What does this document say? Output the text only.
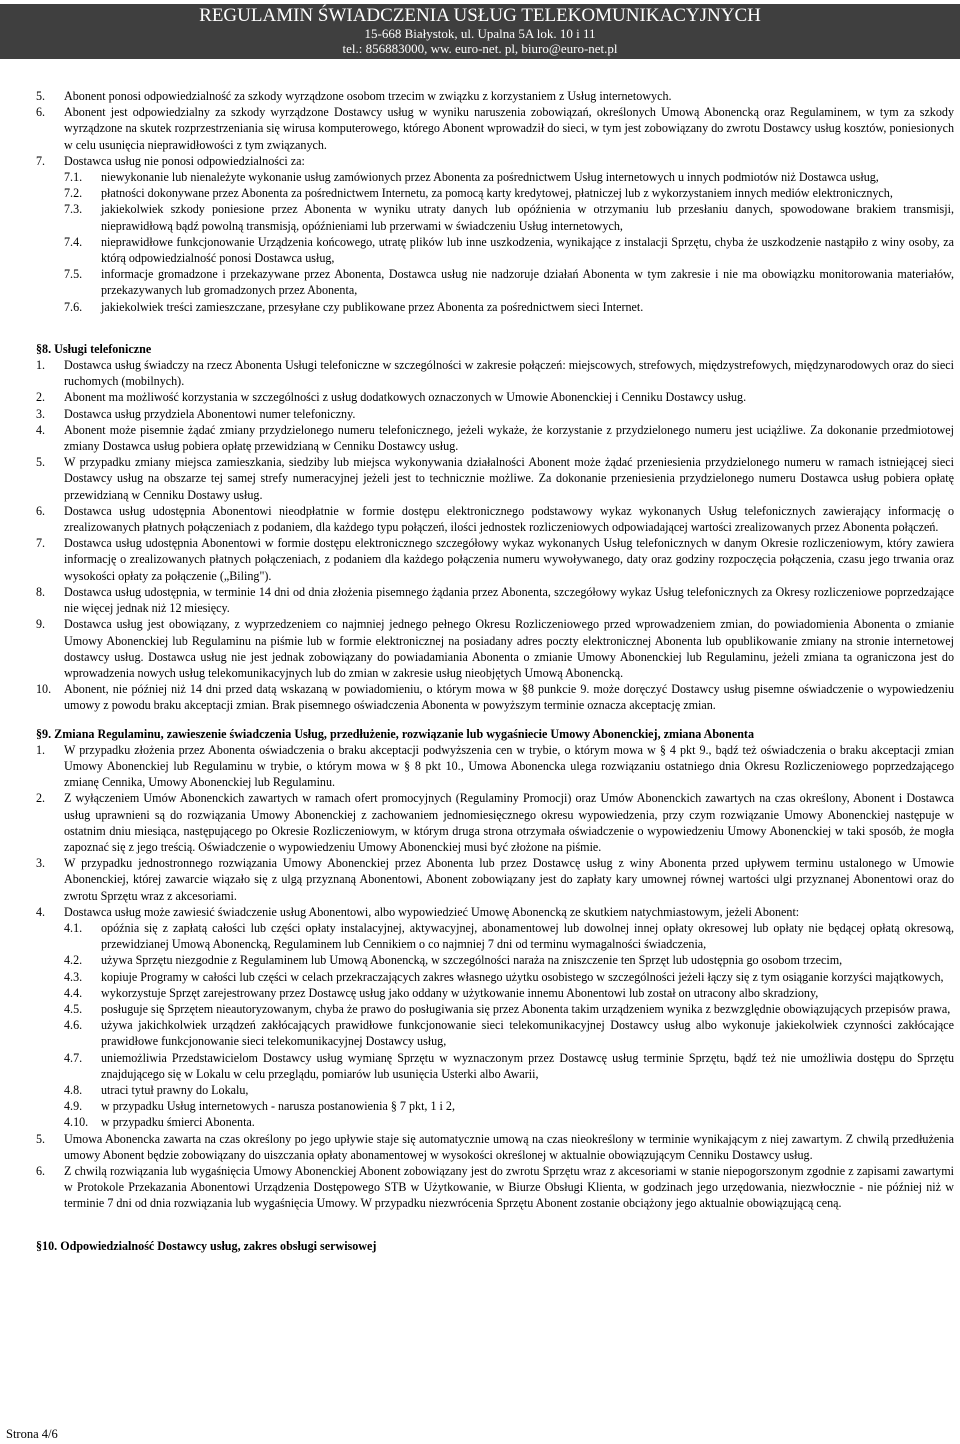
REGULAMIN ŚWIADCZENIA USŁUG TELEKOMUNIKACYJNYCH
15-668 Białystok, ul. Upalna 5A lok. 10 i 11
tel.: 856883000, ww. euro-net. pl, biuro@euro-net.pl
5. Abonent ponosi odpowiedzialność za szkody wyrządzone osobom trzecim w związku z korzystaniem z Usług internetowych.
6. Abonent jest odpowiedzialny za szkody wyrządzone Dostawcy usług w wyniku naruszenia zobowiązań, określonych Umową Abonencką oraz Regulaminem, w tym za szkody wyrządzone na skutek rozprzestrzeniania się wirusa komputerowego, którego Abonent wprowadził do sieci, w tym jest zobowiązany do zwrotu Dostawcy usług kosztów, poniesionych w celu usunięcia nieprawidłowości z tym związanych.
7. Dostawca usług nie ponosi odpowiedzialności za:
7.1. niewykonanie lub nienależyte wykonanie usług zamówionych przez Abonenta za pośrednictwem Usług internetowych u innych podmiotów niż Dostawca usług,
7.2. płatności dokonywane przez Abonenta za pośrednictwem Internetu, za pomocą karty kredytowej, płatniczej lub z wykorzystaniem innych mediów elektronicznych,
7.3. jakiekolwiek szkody poniesione przez Abonenta w wyniku utraty danych lub opóźnienia w otrzymaniu lub przesłaniu danych, spowodowane brakiem transmisji, nieprawidłową bądź powolną transmisją, opóźnieniami lub przerwami w świadczeniu Usług internetowych,
7.4. nieprawidłowe funkcjonowanie Urządzenia końcowego, utratę plików lub inne uszkodzenia, wynikające z instalacji Sprzętu, chyba że uszkodzenie nastąpiło z winy osoby, za którą odpowiedzialność ponosi Dostawca usług,
7.5. informacje gromadzone i przekazywane przez Abonenta, Dostawca usług nie nadzoruje działań Abonenta w tym zakresie i nie ma obowiązku monitorowania materiałów, przekazywanych lub gromadzonych przez Abonenta,
7.6. jakiekolwiek treści zamieszczane, przesyłane czy publikowane przez Abonenta za pośrednictwem sieci Internet.
§8. Usługi telefoniczne
1. Dostawca usług świadczy na rzecz Abonenta Usługi telefoniczne w szczególności w zakresie połączeń: miejscowych, strefowych, międzystrefowych, międzynarodowych oraz do sieci ruchomych (mobilnych).
2. Abonent ma możliwość korzystania w szczególności z usług dodatkowych oznaczonych w Umowie Abonenckiej i Cenniku Dostawcy usług.
3. Dostawca usług przydziela Abonentowi numer telefoniczny.
4. Abonent może pisemnie żądać zmiany przydzielonego numeru telefonicznego, jeżeli wykaże, że korzystanie z przydzielonego numeru jest uciążliwe. Za dokonanie przedmiotowej zmiany Dostawca usług pobiera opłatę przewidzianą w Cenniku Dostawcy usług.
5. W przypadku zmiany miejsca zamieszkania, siedziby lub miejsca wykonywania działalności Abonent może żądać przeniesienia przydzielonego numeru w ramach istniejącej sieci Dostawcy usług na obszarze tej samej strefy numeracyjnej jeżeli jest to technicznie możliwe. Za dokonanie przeniesienia przydzielonego numeru Dostawca usług pobiera opłatę przewidzianą w Cenniku Dostawy usług.
6. Dostawca usług udostępnia Abonentowi nieodpłatnie w formie dostępu elektronicznego podstawowy wykaz wykonanych Usług telefonicznych zawierający informację o zrealizowanych płatnych połączeniach z podaniem, dla każdego typu połączeń, ilości jednostek rozliczeniowych odpowiadającej wartości zrealizowanych przez Abonenta połączeń.
7. Dostawca usług udostępnia Abonentowi w formie dostępu elektronicznego szczegółowy wykaz wykonanych Usług telefonicznych w danym Okresie rozliczeniowym, który zawiera informację o zrealizowanych płatnych połączeniach, z podaniem dla każdego połączenia numeru wywoływanego, daty oraz godziny rozpoczęcia połączenia, czasu jego trwania oraz wysokości opłaty za połączenie („Biling").
8. Dostawca usług udostępnia, w terminie 14 dni od dnia złożenia pisemnego żądania przez Abonenta, szczegółowy wykaz Usług telefonicznych za Okresy rozliczeniowe poprzedzające nie więcej jednak niż 12 miesięcy.
9. Dostawca usług jest obowiązany, z wyprzedzeniem co najmniej jednego pełnego Okresu Rozliczeniowego przed wprowadzeniem zmian, do powiadomienia Abonenta o zmianie Umowy Abonenckiej lub Regulaminu na piśmie lub w formie elektronicznej na posiadany adres poczty elektronicznej Abonenta lub opublikowanie zmiany na stronie internetowej dostawcy usług. Dostawca usług nie jest jednak zobowiązany do powiadamiania Abonenta o zmianie Umowy Abonenckiej lub Regulaminu, jeżeli zmiana ta ograniczona jest do wprowadzenia nowych usług telekomunikacyjnych lub do zmian w zakresie usług nieobjętych Umową Abonencką.
10. Abonent, nie później niż 14 dni przed datą wskazaną w powiadomieniu, o którym mowa w §8 punkcie 9. może doręczyć Dostawcy usług pisemne oświadczenie o wypowiedzeniu umowy z powodu braku akceptacji zmian. Brak pisemnego oświadczenia Abonenta w powyższym terminie oznacza akceptację zmian.
§9. Zmiana Regulaminu, zawieszenie świadczenia Usług, przedłużenie, rozwiązanie lub wygaśniecie Umowy Abonenckiej, zmiana Abonenta
1. W przypadku złożenia przez Abonenta oświadczenia o braku akceptacji podwyższenia cen w trybie, o którym mowa w § 4 pkt 9., bądź też oświadczenia o braku akceptacji zmian Umowy Abonenckiej lub Regulaminu w trybie, o którym mowa w § 8 pkt 10., Umowa Abonencka ulega rozwiązaniu ostatniego dnia Okresu Rozliczeniowego poprzedzającego zmianę Cennika, Umowy Abonenckiej lub Regulaminu.
2. Z wyłączeniem Umów Abonenckich zawartych w ramach ofert promocyjnych (Regulaminy Promocji) oraz Umów Abonenckich zawartych na czas określony, Abonent i Dostawca usług uprawnieni są do rozwiązania Umowy Abonenckiej z zachowaniem jednomiesięcznego okresu wypowiedzenia, przy czym rozwiązanie Umowy Abonenckiej następuje w ostatnim dniu miesiąca, następującego po Okresie Rozliczeniowym, w którym druga strona otrzymała oświadczenie o wypowiedzeniu Umowy Abonenckiej w taki sposób, że mogła zapoznać się z jego treścią. Oświadczenie o wypowiedzeniu Umowy Abonenckiej musi być złożone na piśmie.
3. W przypadku jednostronnego rozwiązania Umowy Abonenckiej przez Abonenta lub przez Dostawcę usług z winy Abonenta przed upływem terminu ustalonego w Umowie Abonenckiej, której zawarcie wiązało się z ulgą przyznaną Abonentowi, Abonent zobowiązany jest do zapłaty kary umownej równej wartości ulgi przyznanej Abonentowi oraz do zwrotu Sprzętu wraz z akcesoriami.
4. Dostawca usług może zawiesić świadczenie usług Abonentowi, albo wypowiedzieć Umowę Abonencką ze skutkiem natychmiastowym, jeżeli Abonent:
4.1. opóźnia się z zapłatą całości lub części opłaty instalacyjnej, aktywacyjnej, abonamentowej lub dowolnej innej opłaty okresowej lub opłaty nie będącej opłatą okresową, przewidzianej Umową Abonencką, Regulaminem lub Cennikiem o co najmniej 7 dni od terminu wymagalności świadczenia,
4.2. używa Sprzętu niezgodnie z Regulaminem lub Umową Abonencką, w szczególności naraża na zniszczenie ten Sprzęt lub udostępnia go osobom trzecim,
4.3. kopiuje Programy w całości lub części w celach przekraczających zakres własnego użytku osobistego w szczególności jeżeli łączy się z tym osiąganie korzyści majątkowych,
4.4. wykorzystuje Sprzęt zarejestrowany przez Dostawcę usług jako oddany w użytkowanie innemu Abonentowi lub został on utracony albo skradziony,
4.5. posługuje się Sprzętem nieautoryzowanym, chyba że prawo do posługiwania się przez Abonenta takim urządzeniem wynika z bezwzględnie obowiązujących przepisów prawa,
4.6. używa jakichkolwiek urządzeń zakłócających prawidłowe funkcjonowanie sieci telekomunikacyjnej Dostawcy usług albo wykonuje jakiekolwiek czynności zakłócające prawidłowe funkcjonowanie sieci telekomunikacyjnej Dostawcy usług,
4.7. uniemożliwia Przedstawicielom Dostawcy usług wymianę Sprzętu w wyznaczonym przez Dostawcę usług terminie Sprzętu, bądź też nie umożliwia dostępu do Sprzętu znajdującego się w Lokalu w celu przeglądu, pomiarów lub usunięcia Usterki albo Awarii,
4.8. utraci tytuł prawny do Lokalu,
4.9. w przypadku Usług internetowych - narusza postanowienia § 7 pkt, 1 i 2,
4.10. w przypadku śmierci Abonenta.
5. Umowa Abonencka zawarta na czas określony po jego upływie staje się automatycznie umową na czas nieokreślony w terminie wynikającym z niej zawartym. Z chwilą przedłużenia umowy Abonent będzie zobowiązany do uiszczania opłaty abonamentowej w wysokości określonej w aktualnie obowiązującym Cenniku Dostawcy usług.
6. Z chwilą rozwiązania lub wygaśnięcia Umowy Abonenckiej Abonent zobowiązany jest do zwrotu Sprzętu wraz z akcesoriami w stanie niepogorszonym zgodnie z zapisami zawartymi w Protokole Przekazania Abonentowi Urządzenia Dostępowego STB w Użytkowanie, w Biurze Obsługi Klienta, w godzinach jego urzędowania, niezwłocznie - nie później niż w terminie 7 dni od dnia rozwiązania lub wygaśnięcia Umowy. W przypadku niezwrócenia Sprzętu Abonent zostanie obciążony jego aktualnie obowiązującą ceną.
§10. Odpowiedzialność Dostawcy usług, zakres obsługi serwisowej
Strona 4/6
